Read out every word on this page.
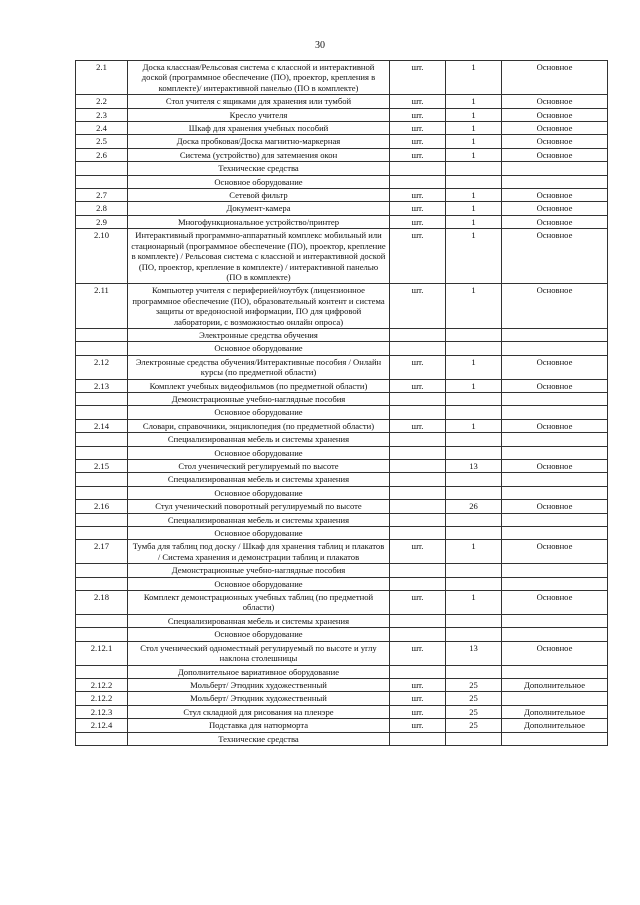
30
2.1	Доска классная/Рельсовая система с классной и интерактивной доской (программное обеспечение (ПО), проектор, крепления в комплекте)/ интерактивной панелью (ПО в комплекте)	шт.	1	Основное
2.2	Стол учителя с ящиками для хранения или тумбой	шт.	1	Основное
2.3	Кресло учителя	шт.	1	Основное
2.4	Шкаф для хранения учебных пособий	шт.	1	Основное
2.5	Доска пробковая/Доска магнитно-маркерная	шт.	1	Основное
2.6	Система (устройство) для затемнения окон	шт.	1	Основное
	Технические средства			
	Основное оборудование			
2.7	Сетевой фильтр	шт.	1	Основное
2.8	Документ-камера	шт.	1	Основное
2.9	Многофункциональное устройство/принтер	шт.	1	Основное
2.10	Интерактивный программно-аппаратный комплекс мобильный или стационарный (программное обеспечение (ПО), проектор, крепление в комплекте) / Рельсовая система с классной и интерактивной доской (ПО, проектор, крепление в комплекте) / интерактивной панелью (ПО в комплекте)	шт.	1	Основное
2.11	Компьютер учителя с периферией/ноутбук (лицензионное программное обеспечение (ПО), образовательный контент и система защиты от вредоносной информации, ПО для цифровой лаборатории, с возможностью онлайн опроса)	шт.	1	Основное
	Электронные средства обучения			
	Основное оборудование			
2.12	Электронные средства обучения/Интерактивные пособия / Онлайн курсы (по предметной области)	шт.	1	Основное
2.13	Комплект учебных видеофильмов (по предметной области)	шт.	1	Основное
	Демонстрационные учебно-наглядные пособия			
	Основное оборудование			
2.14	Словари, справочники, энциклопедия (по предметной области)	шт.	1	Основное
	Специализированная мебель и системы хранения			
	Основное оборудование			
2.15	Стол ученический регулируемый по высоте		13	Основное
	Специализированная мебель и системы хранения			
	Основное оборудование			
2.16	Стул ученический поворотный регулируемый по высоте		26	Основное
	Специализированная мебель и системы хранения			
	Основное оборудование			
2.17	Тумба для таблиц под доску / Шкаф для хранения таблиц и плакатов / Система хранения и демонстрации таблиц и плакатов	шт.	1	Основное
	Демонстрационные учебно-наглядные пособия			
	Основное оборудование			
2.18	Комплект демонстрационных учебных таблиц (по предметной области)	шт.	1	Основное
	Специализированная мебель и системы хранения			
	Основное оборудование			
2.12.1	Стол ученический одноместный регулируемый по высоте и углу наклона столешницы	шт.	13	Основное
	Дополнительное вариативное оборудование			
2.12.2	Мольберт/ Этюдник художественный	шт.	25	Дополнительное
2.12.2	Мольберт/ Этюдник художественный	шт.	25	
2.12.3	Стул складной для рисования на пленэре	шт.	25	Дополнительное
2.12.4	Подставка для натюрморта	шт.	25	Дополнительное
	Технические средства			
